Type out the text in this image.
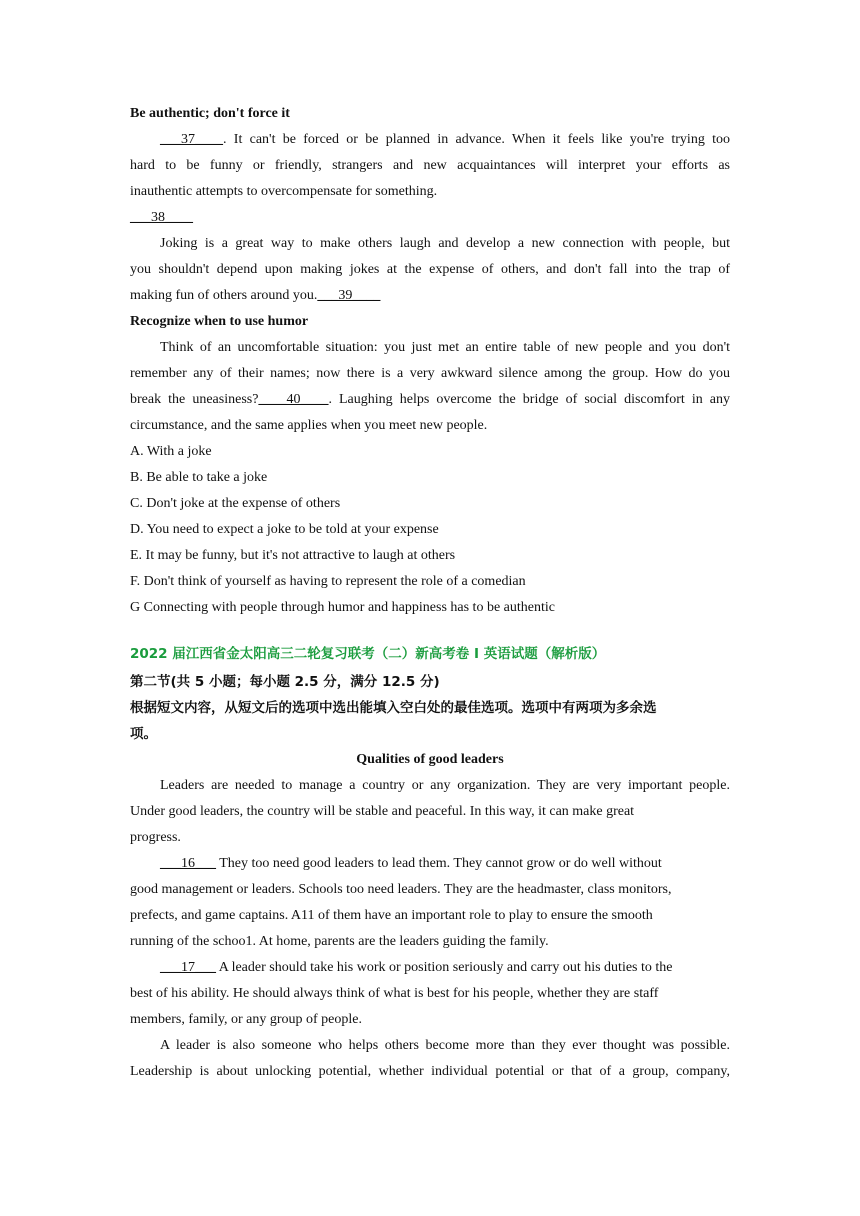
Be authentic; don't force it
___37____. It can't be forced or be planned in advance. When it feels like you're trying too
hard to be funny or friendly, strangers and new acquaintances will interpret your efforts as
inauthentic attempts to overcompensate for something.
___38____
Joking is a great way to make others laugh and develop a new connection with people, but
you shouldn't depend upon making jokes at the expense of others, and don't fall into the trap of
making fun of others around you.___39____
Recognize when to use humor
Think of an uncomfortable situation: you just met an entire table of new people and you don't
remember any of their names; now there is a very awkward silence among the group. How do you
break the uneasiness?____40____. Laughing helps overcome the bridge of social discomfort in any
circumstance, and the same applies when you meet new people.
A. With a joke
B. Be able to take a joke
C. Don't joke at the expense of others
D. You need to expect a joke to be told at your expense
E. It may be funny, but it's not attractive to laugh at others
F. Don't think of yourself as having to represent the role of a comedian
G Connecting with people through humor and happiness has to be authentic
2022 届江西省金太阳高三二轮复习联考（二）新高考卷 I 英语试题（解析版）
第二节(共 5 小题；每小题 2.5 分，满分 12.5 分)
根据短文内容，从短文后的选项中选出能填入空白处的最佳选项。选项中有两项为多余选
项。
Qualities of good leaders
Leaders are needed to manage a country or any organization. They are very important people.
Under good leaders, the country will be stable and peaceful. In this way, it can make great
progress.
___16___ They too need good leaders to lead them. They cannot grow or do well without
good management or leaders. Schools too need leaders. They are the headmaster, class monitors,
prefects, and game captains. A11 of them have an important role to play to ensure the smooth
running of the schoo1. At home, parents are the leaders guiding the family.
___17___ A leader should take his work or position seriously and carry out his duties to the
best of his ability. He should always think of what is best for his people, whether they are staff
members, family, or any group of people.
A leader is also someone who helps others become more than they ever thought was possible.
Leadership is about unlocking potential, whether individual potential or that of a group, company,
